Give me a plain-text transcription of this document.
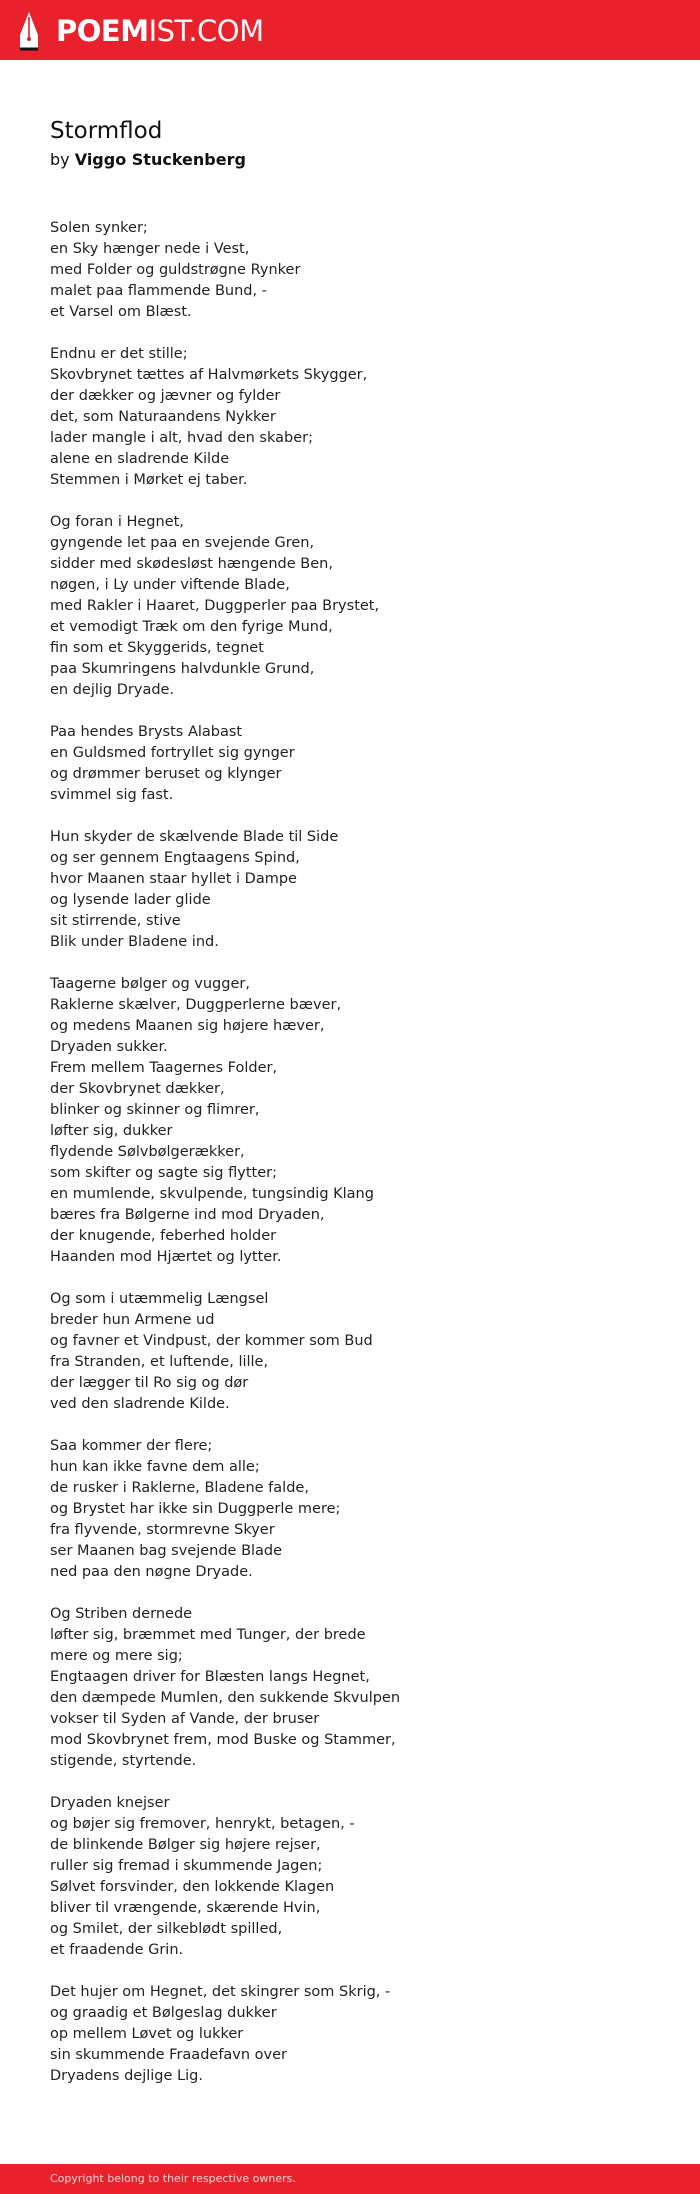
POEMIST.COM
Stormflod
by Viggo Stuckenberg
Solen synker;
en Sky hænger nede i Vest,
med Folder og guldstrøgne Rynker
malet paa flammende Bund, -
et Varsel om Blæst.
Endnu er det stille;
Skovbrynet tættes af Halvmørkets Skygger,
der dækker og jævner og fylder
det, som Naturaandens Nykker
lader mangle i alt, hvad den skaber;
alene en sladrende Kilde
Stemmen i Mørket ej taber.
Og foran i Hegnet,
gyngende let paa en svejende Gren,
sidder med skødesløst hængende Ben,
nøgen, i Ly under viftende Blade,
med Rakler i Haaret, Duggperler paa Brystet,
et vemodigt Træk om den fyrige Mund,
fin som et Skyggerids, tegnet
paa Skumringens halvdunkle Grund,
en dejlig Dryade.
Paa hendes Brysts Alabast
en Guldsmed fortryllet sig gynger
og drømmer beruset og klynger
svimmel sig fast.
Hun skyder de skælvende Blade til Side
og ser gennem Engtaagens Spind,
hvor Maanen staar hyllet i Dampe
og lysende lader glide
sit stirrende, stive
Blik under Bladene ind.
Taagerne bølger og vugger,
Raklerne skælver, Duggperlerne bæver,
og medens Maanen sig højere hæver,
Dryaden sukker.
Frem mellem Taagernes Folder,
der Skovbrynet dækker,
blinker og skinner og flimrer,
løfter sig, dukker
flydende Sølvbølgerækker,
som skifter og sagte sig flytter;
en mumlende, skvulpende, tungsindig Klang
bæres fra Bølgerne ind mod Dryaden,
der knugende, feberhed holder
Haanden mod Hjærtet og lytter.
Og som i utæmmelig Længsel
breder hun Armene ud
og favner et Vindpust, der kommer som Bud
fra Stranden, et luftende, lille,
der lægger til Ro sig og dør
ved den sladrende Kilde.
Saa kommer der flere;
hun kan ikke favne dem alle;
de rusker i Raklerne, Bladene falde,
og Brystet har ikke sin Duggperle mere;
fra flyvende, stormrevne Skyer
ser Maanen bag svejende Blade
ned paa den nøgne Dryade.
Og Striben dernede
løfter sig, bræmmet med Tunger, der brede
mere og mere sig;
Engtaagen driver for Blæsten langs Hegnet,
den dæmpede Mumlen, den sukkende Skvulpen
vokser til Syden af Vande, der bruser
mod Skovbrynet frem, mod Buske og Stammer,
stigende, styrtende.
Dryaden knejser
og bøjer sig fremover, henrykt, betagen, -
de blinkende Bølger sig højere rejser,
ruller sig fremad i skummende Jagen;
Sølvet forsvinder, den lokkende Klagen
bliver til vrængende, skærende Hvin,
og Smilet, der silkeblødt spilled,
et fraadende Grin.
Det hujer om Hegnet, det skingrer som Skrig, -
og graadig et Bølgeslag dukker
op mellem Løvet og lukker
sin skummende Fraadefavn over
Dryadens dejlige Lig.
Copyright belong to their respective owners.
